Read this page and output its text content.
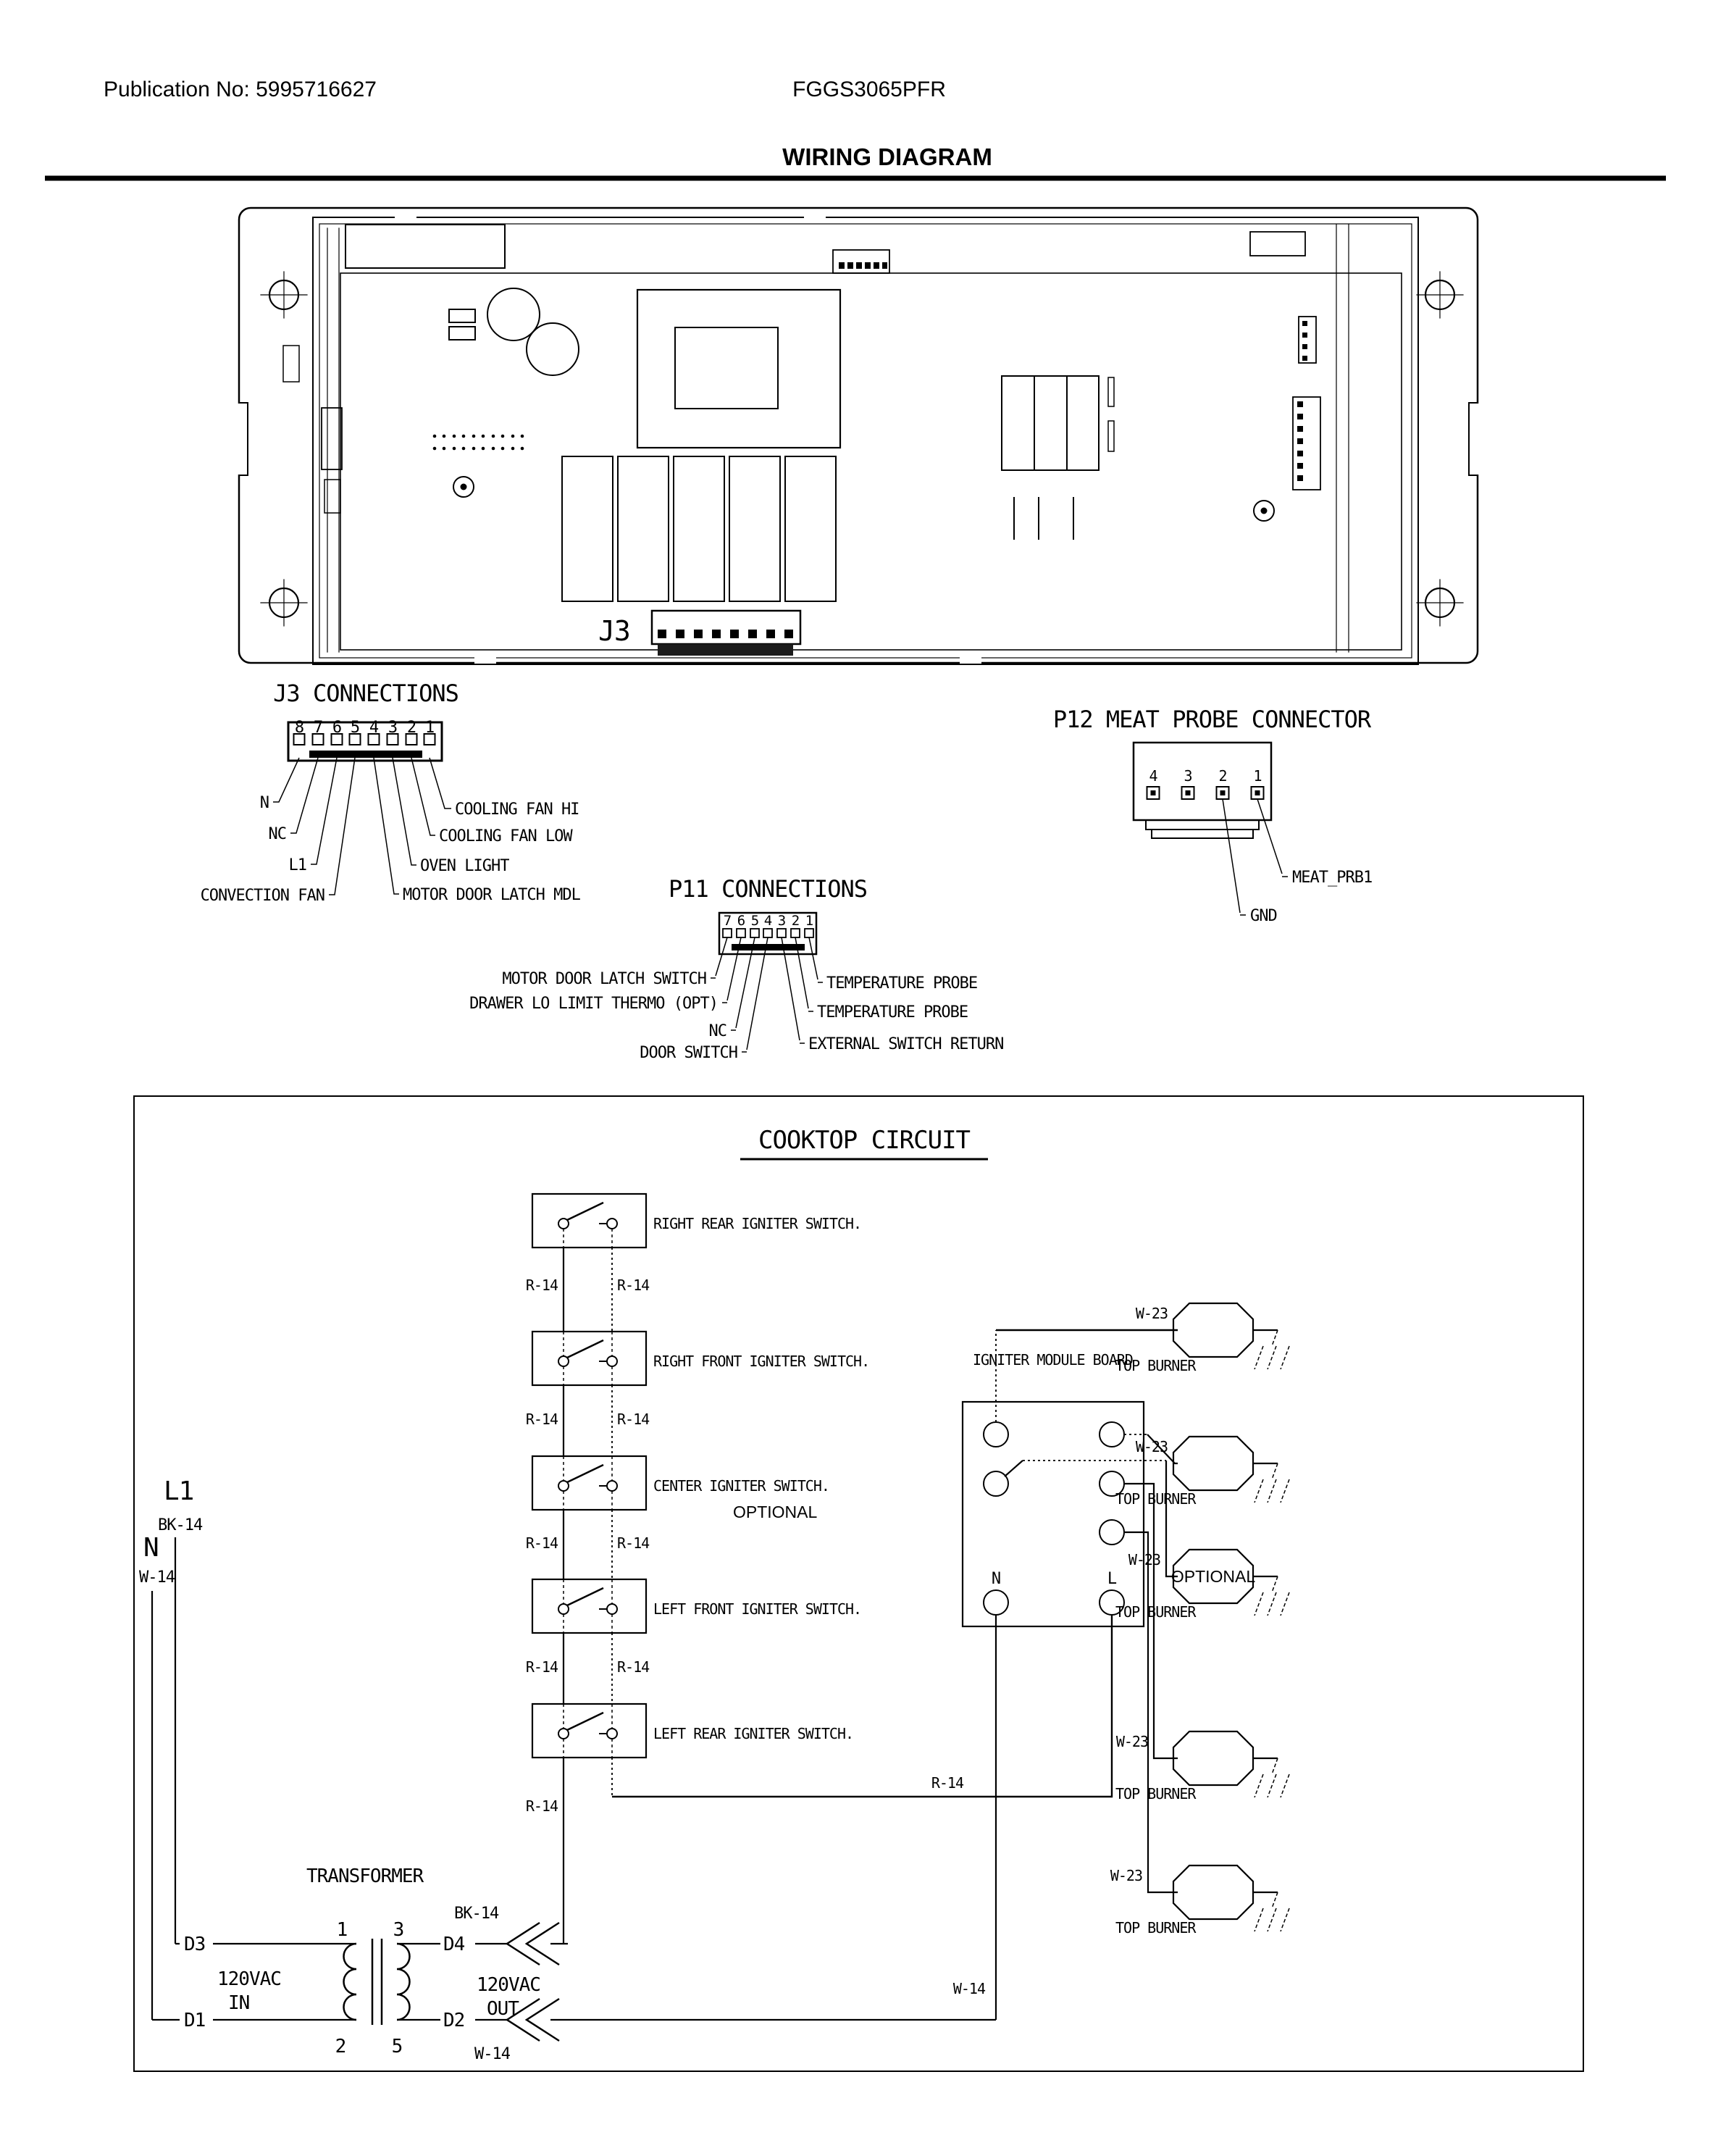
Publication No: 5995716627	FGGS3065PFR
WIRING DIAGRAM
J3
J3 CONNECTIONS
8 7 6 5 4 3 2 1
N
NC
L1
CONVECTION FAN
COOLING FAN HI
COOLING FAN LOW
OVEN LIGHT
MOTOR DOOR LATCH MDL
P12 MEAT PROBE CONNECTOR
4 3 2 1
MEAT_PRB1
GND
P11 CONNECTIONS
7 6 5 4 3 2 1
MOTOR DOOR LATCH SWITCH
DRAWER LO LIMIT THERMO (OPT)
NC
DOOR SWITCH
TEMPERATURE PROBE
TEMPERATURE PROBE
EXTERNAL SWITCH RETURN
COOKTOP CIRCUIT
RIGHT REAR IGNITER SWITCH.
RIGHT FRONT IGNITER SWITCH.
CENTER IGNITER SWITCH.
OPTIONAL
LEFT FRONT IGNITER SWITCH.
LEFT REAR IGNITER SWITCH.
R-14	R-14
R-14	R-14
R-14	R-14
R-14	R-14
R-14
R-14
L1
BK-14
N
W-14
TRANSFORMER
D3
D1
1 3
2 5
120VAC
IN
120VAC
OUT
D4
BK-14
D2
W-14
IGNITER MODULE BOARD
N	L
W-14
W-23
TOP BURNER
W-23
TOP BURNER
OPTIONAL
W-23
TOP BURNER
W-23
TOP BURNER
W-23
TOP BURNER
